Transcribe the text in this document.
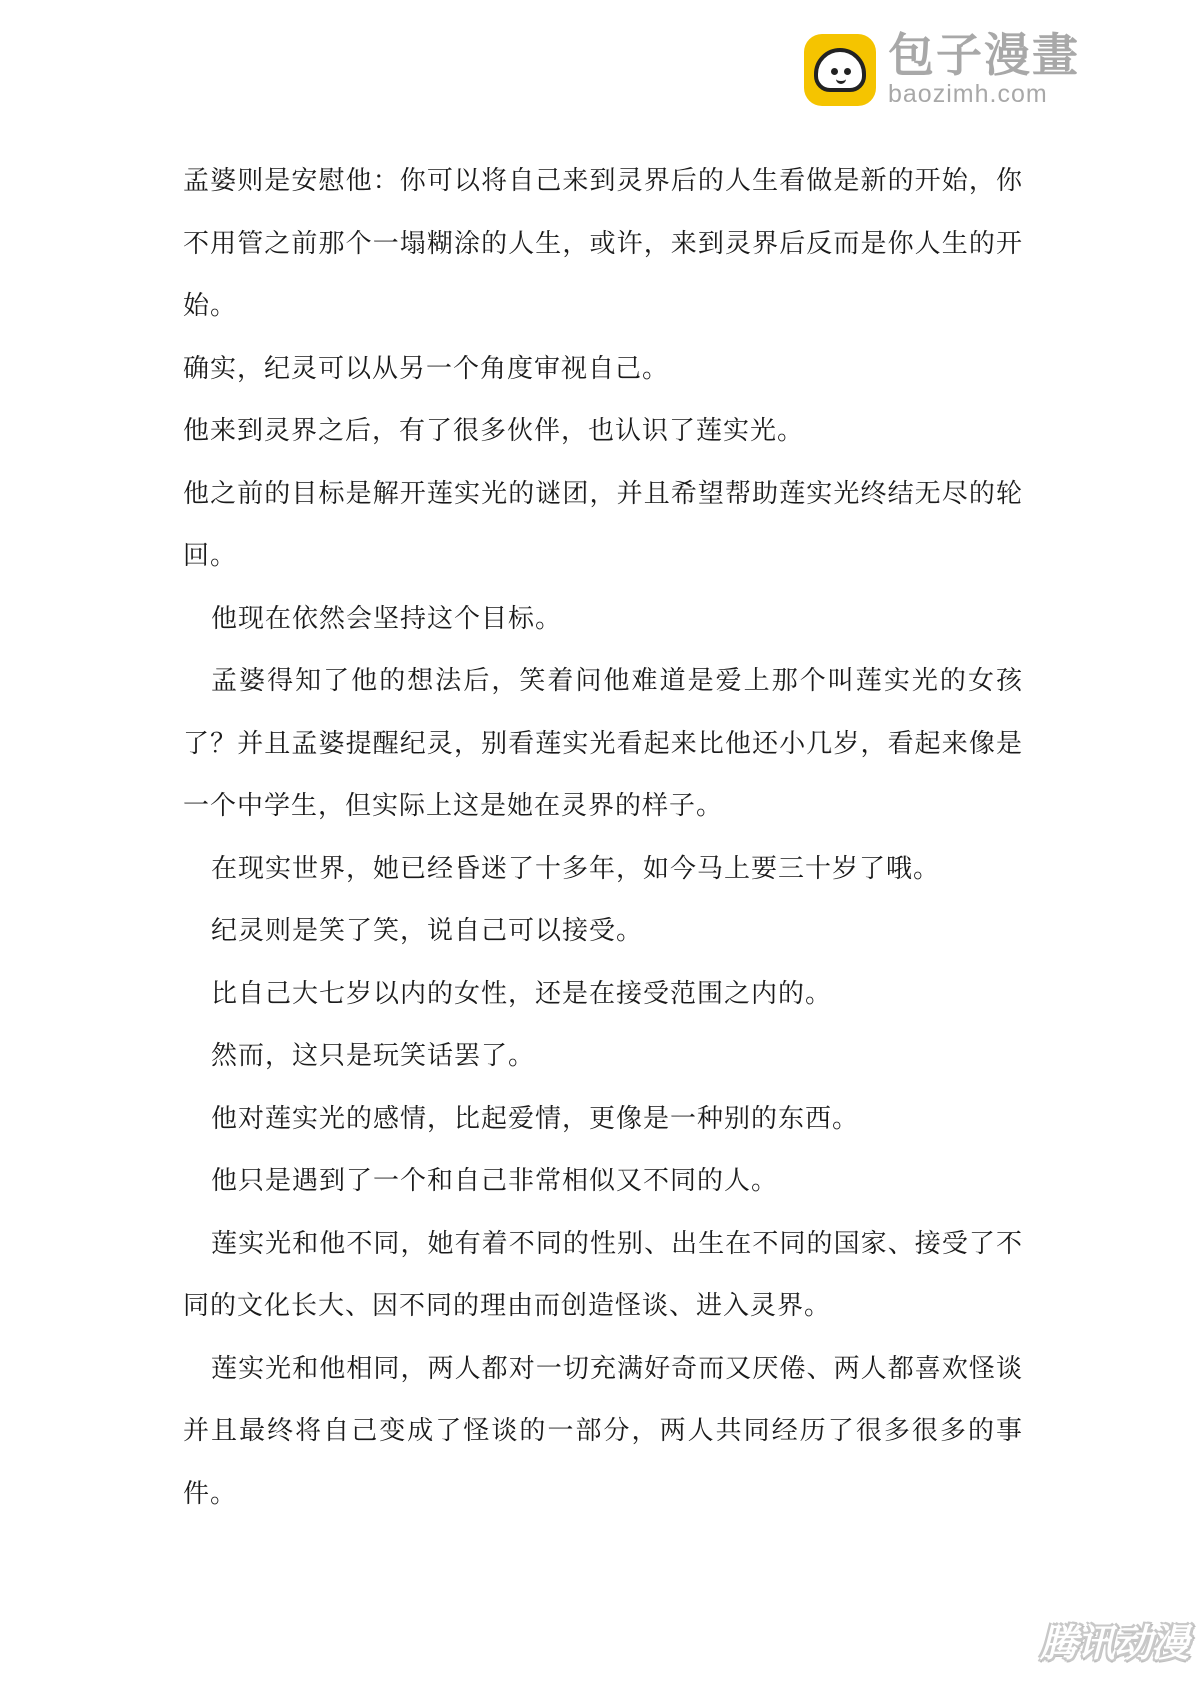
包子漫畫
baozimh.com

孟婆则是安慰他：你可以将自己来到灵界后的人生看做是新的开始，你不用管之前那个一塌糊涂的人生，或许，来到灵界后反而是你人生的开始。

确实，纪灵可以从另一个角度审视自己。

他来到灵界之后，有了很多伙伴，也认识了莲实光。

他之前的目标是解开莲实光的谜团，并且希望帮助莲实光终结无尽的轮回。

他现在依然会坚持这个目标。

孟婆得知了他的想法后，笑着问他难道是爱上那个叫莲实光的女孩了？并且孟婆提醒纪灵，别看莲实光看起来比他还小几岁，看起来像是一个中学生，但实际上这是她在灵界的样子。

在现实世界，她已经昏迷了十多年，如今马上要三十岁了哦。

纪灵则是笑了笑，说自己可以接受。

比自己大七岁以内的女性，还是在接受范围之内的。

然而，这只是玩笑话罢了。

他对莲实光的感情，比起爱情，更像是一种别的东西。

他只是遇到了一个和自己非常相似又不同的人。

莲实光和他不同，她有着不同的性别、出生在不同的国家、接受了不同的文化长大、因不同的理由而创造怪谈、进入灵界。

莲实光和他相同，两人都对一切充满好奇而又厌倦、两人都喜欢怪谈并且最终将自己变成了怪谈的一部分，两人共同经历了很多很多的事件。

腾讯动漫
